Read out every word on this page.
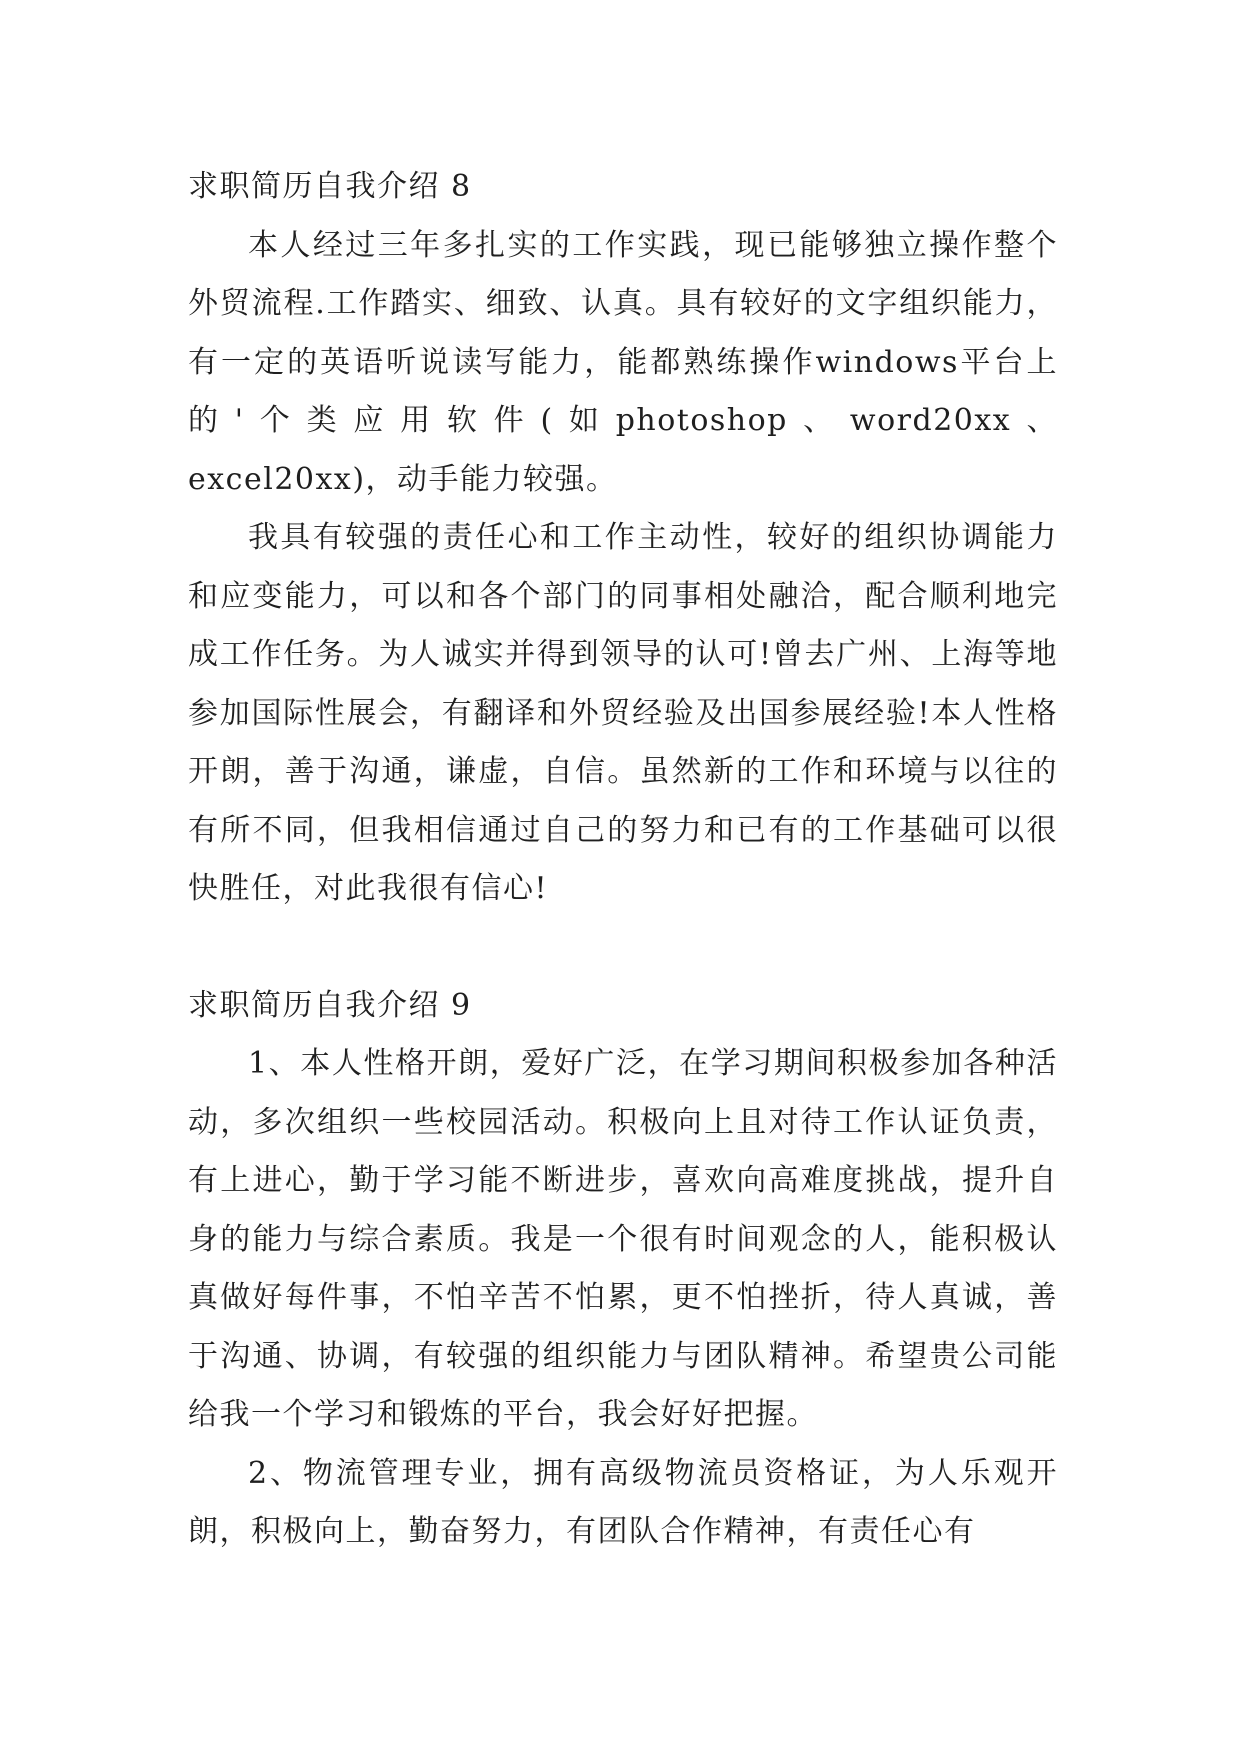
求职简历自我介绍 8

本人经过三年多扎实的工作实践，现已能够独立操作整个外贸流程.工作踏实、细致、认真。具有较好的文字组织能力，有一定的英语听说读写能力，能都熟练操作windows平台上的'个类应用软件(如photoshop、word20xx、excel20xx)，动手能力较强。

我具有较强的责任心和工作主动性，较好的组织协调能力和应变能力，可以和各个部门的同事相处融洽，配合顺利地完成工作任务。为人诚实并得到领导的认可!曾去广州、上海等地参加国际性展会，有翻译和外贸经验及出国参展经验!本人性格开朗，善于沟通，谦虚，自信。虽然新的工作和环境与以往的有所不同，但我相信通过自己的努力和已有的工作基础可以很快胜任，对此我很有信心!

求职简历自我介绍 9

1、本人性格开朗，爱好广泛，在学习期间积极参加各种活动，多次组织一些校园活动。积极向上且对待工作认证负责，有上进心，勤于学习能不断进步，喜欢向高难度挑战，提升自身的能力与综合素质。我是一个很有时间观念的人，能积极认真做好每件事，不怕辛苦不怕累，更不怕挫折，待人真诚，善于沟通、协调，有较强的组织能力与团队精神。希望贵公司能给我一个学习和锻炼的平台，我会好好把握。

2、物流管理专业，拥有高级物流员资格证，为人乐观开朗，积极向上，勤奋努力，有团队合作精神，有责任心有
